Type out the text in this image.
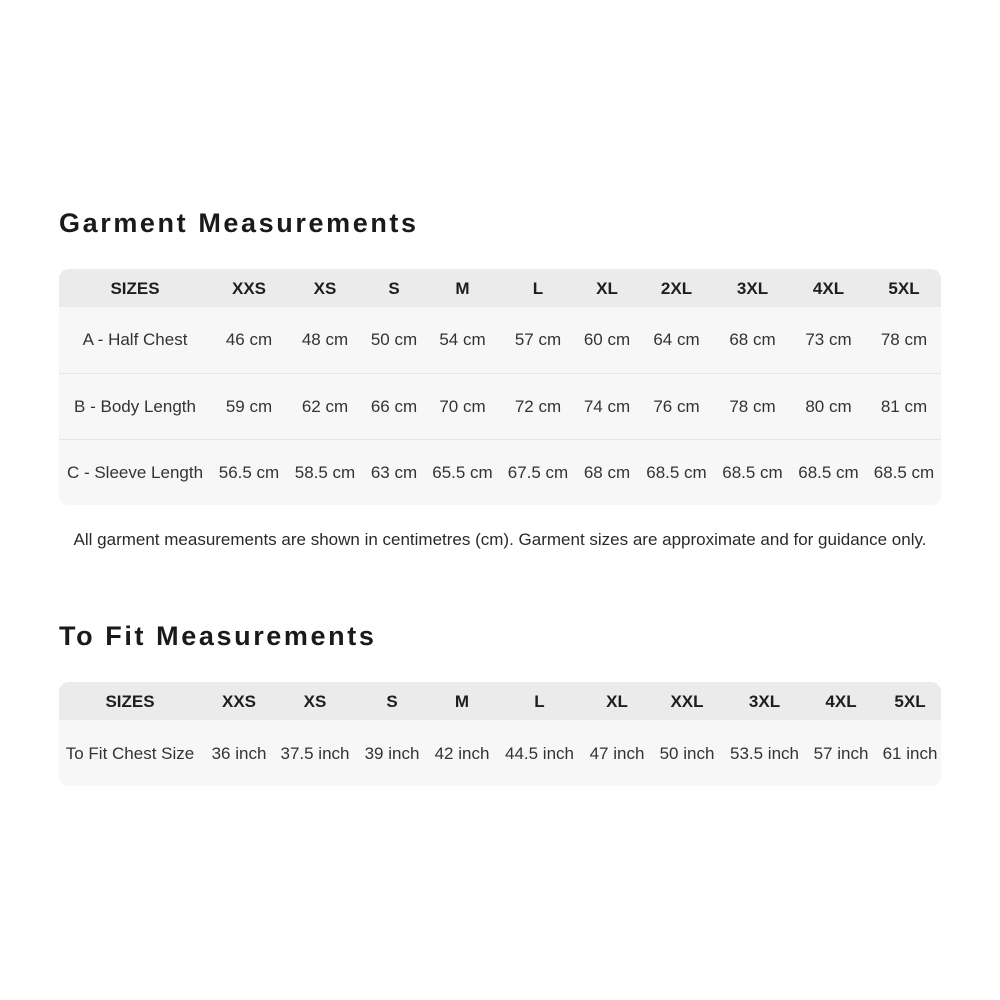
Garment Measurements
SIZES	XXS	XS	S	M	L	XL	2XL	3XL	4XL	5XL
A - Half Chest	46 cm	48 cm	50 cm	54 cm	57 cm	60 cm	64 cm	68 cm	73 cm	78 cm
B - Body Length	59 cm	62 cm	66 cm	70 cm	72 cm	74 cm	76 cm	78 cm	80 cm	81 cm
C - Sleeve Length	56.5 cm	58.5 cm	63 cm	65.5 cm	67.5 cm	68 cm	68.5 cm	68.5 cm	68.5 cm	68.5 cm

All garment measurements are shown in centimetres (cm). Garment sizes are approximate and for guidance only.

To Fit Measurements
SIZES	XXS	XS	S	M	L	XL	XXL	3XL	4XL	5XL
To Fit Chest Size	36 inch	37.5 inch	39 inch	42 inch	44.5 inch	47 inch	50 inch	53.5 inch	57 inch	61 inch
